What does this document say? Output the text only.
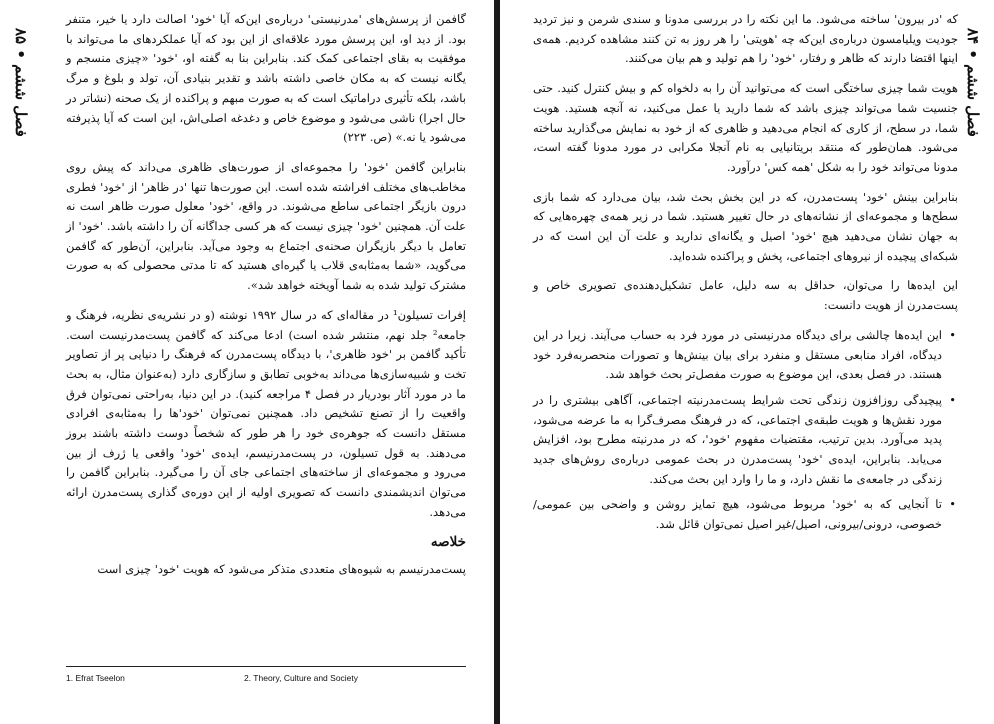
۸۵ • فصل ششم

گافمن از پرسش‌های 'مدرنیستی' درباره‌ی این‌که آیا 'خود' اصالت دارد یا خیر، متنفر بود. از دید او، این پرسش مورد علاقه‌ای از این بود که آیا عملکردهای ما می‌تواند با موفقیت به بقای اجتماعی کمک کند. بنابراین بنا به گفته او، 'خود' «چیزی منسجم و یگانه نیست که به مکان خاصی داشته باشد و تقدیر بنیادی آن، تولد و بلوغ و مرگ باشد، بلکه تأثیری دراماتیک است که به صورت مبهم و پراکنده از یک صحنه (نشاتر در حال اجرا) ناشی می‌شود و موضوع خاص و دغدغه اصلی‌اش، این است که آیا پذیرفته می‌شود یا نه.» (ص. ۲۲۳)

بنابراین گافمن 'خود' را مجموعه‌ای از صورت‌های ظاهری می‌داند که پیش روی مخاطب‌های مختلف افراشته شده است. این صورت‌ها تنها 'در ظاهر' از 'خود' فطری درون بازیگر اجتماعی ساطع می‌شوند. در واقع، 'خود' معلول صورت ظاهر است نه علت آن. همچنین 'خود' چیزی نیست که هر کسی جداگانه آن را داشته باشد. 'خود' از تعامل با دیگر بازیگران صحنه‌ی اجتماع به وجود می‌آید. بنابراین، آن‌طور که گافمن می‌گوید، «شما به‌مثابه‌ی قلاب یا گیره‌ای هستید که تا مدتی محصولی که به صورت مشترک تولید شده به شما آویخته خواهد شد».

إفرات تسیلون¹ در مقاله‌ای که در سال ۱۹۹۲ نوشته (و در نشریه‌ی نظریه، فرهنگ و جامعه² جلد نهم، منتشر شده است) ادعا می‌کند که گافمن پست‌مدرنیست است. تأکید گافمن بر 'خود ظاهری'، با دیدگاه پست‌مدرن که فرهنگ را دنیایی پر از تصاویر تخت و شبیه‌سازی‌ها می‌داند به‌خوبی تطابق و سازگاری دارد (به‌عنوان مثال، به بحث ما در مورد آثار بودریار در فصل ۴ مراجعه کنید). در این دنیا، به‌راحتی نمی‌توان فرق واقعیت را از تصنع تشخیص داد. همچنین نمی‌توان 'خود'ها را به‌مثابه‌ی افرادی مستقل دانست که جوهره‌ی خود را هر طور که شخصاً دوست داشته باشند بروز می‌دهند. به قول تسیلون، در پست‌مدرنیسم، ایده‌ی 'خود' واقعی یا ژرف از بین می‌رود و مجموعه‌ای از ساخته‌های اجتماعی جای آن را می‌گیرد. بنابراین گافمن را می‌توان اندیشمندی دانست که تصویری اولیه از این دوره‌ی گذاری پست‌مدرن ارائه می‌دهد.

خلاصه

پست‌مدرنیسم به شیوه‌های متعددی متذکر می‌شود که هویت 'خود' چیزی است

1. Efrat Tseelon	2. Theory, Culture and Society
۸۴ • فصل ششم

که 'در بیرون' ساخته می‌شود. ما این نکته را در بررسی مدونا و سندی شرمن و نیز تردید جودیت ویلیامسون درباره‌ی این‌که چه 'هویتی' را هر روز به تن کنند مشاهده کردیم. همه‌ی اینها اقتضا دارند که ظاهر و رفتار، 'خود' را هم تولید و هم بیان می‌کنند.

هویت شما چیزی ساختگی است که می‌توانید آن را به دلخواه کم و بیش کنترل کنید. حتی جنسیت شما می‌تواند چیزی باشد که شما دارید یا عمل می‌کنید، نه آنچه هستید. هویت شما، در سطح، از کاری که انجام می‌دهید و ظاهری که از خود به نمایش می‌گذارید ساخته می‌شود. همان‌طور که منتقد بریتانیایی به نام آنجلا مکرابی در مورد مدونا گفته است، مدونا می‌تواند خود را به شکل 'همه کس' درآورد.

بنابراین بینش 'خود' پست‌مدرن، که در این بخش بحث شد، بیان می‌دارد که شما بازی سطح‌ها و مجموعه‌ای از نشانه‌های در حال تغییر هستید. شما در زیر همه‌ی چهره‌هایی که به جهان نشان می‌دهید هیچ 'خود' اصیل و یگانه‌ای ندارید و علت آن این است که در شبکه‌ای پیچیده از نیروهای اجتماعی، پخش و پراکنده شده‌اید.

این ایده‌ها را می‌توان، حداقل به سه دلیل، عامل تشکیل‌دهنده‌ی تصویری خاص و پست‌مدرن از هویت دانست:

•
این ایده‌ها چالشی برای دیدگاه مدرنیستی در مورد فرد به حساب می‌آیند. زیرا در این دیدگاه، افراد منابعی مستقل و منفرد برای بیان بینش‌ها و تصورات منحصربه‌فرد خود هستند. در فصل بعدی، این موضوع به صورت مفصل‌تر بحث خواهد شد.
•
پیچیدگی روزافزون زندگی تحت شرایط پست‌مدرنیته اجتماعی، آگاهی بیشتری را در مورد نقش‌ها و هویت طبقه‌ی اجتماعی، که در فرهنگ مصرف‌گرا به ما عرضه می‌شود، پدید می‌آورد. بدین ترتیب، مقتضیات مفهوم 'خود'، که در مدرنیته مطرح بود، افزایش می‌یابد. بنابراین، ایده‌ی 'خود' پست‌مدرن در بحث عمومی درباره‌ی روش‌های جدید زندگی در جامعه‌ی ما نقش دارد، و ما را وارد این بحث می‌کند.
•
تا آنجایی که به 'خود' مربوط می‌شود، هیچ تمایز روشن و واضحی بین عمومی/خصوصی، درونی/بیرونی، اصیل/غیر اصیل نمی‌توان قائل شد.
